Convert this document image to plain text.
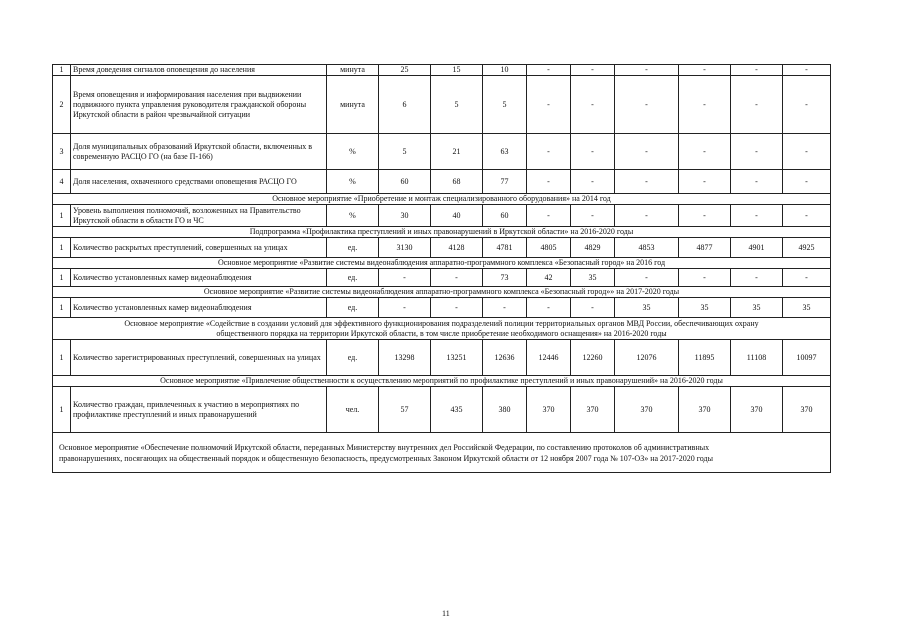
1	Время доведения сигналов оповещения до населения	минута	25	15	10	-	-	-	-	-	-
2	Время оповещения и информирования населения при выдвижении подвижного пункта управления руководителя гражданской обороны Иркутской области в район чрезвычайной ситуации	минута	6	5	5	-	-	-	-	-	-
3	Доля муниципальных образований Иркутской области, включенных в современную РАСЦО ГО (на базе П-166)	%	5	21	63	-	-	-	-	-	-
4	Доля населения, охваченного средствами оповещения РАСЦО ГО	%	60	68	77	-	-	-	-	-	-
Основное мероприятие «Приобретение и монтаж специализированного оборудования» на 2014 год											
1	Уровень выполнения полномочий, возложенных на Правительство Иркутской области в области ГО и ЧС	%	30	40	60	-	-	-	-	-	-
Подпрограмма «Профилактика преступлений и иных правонарушений в Иркутской области» на 2016-2020 годы											
1	Количество раскрытых преступлений, совершенных на улицах	ед.	3130	4128	4781	4805	4829	4853	4877	4901	4925
Основное мероприятие «Развитие системы видеонаблюдения аппаратно-программного комплекса «Безопасный город» на 2016 год											
1	Количество установленных камер видеонаблюдения	ед.	-	-	73	42	35	-	-	-	-
Основное мероприятие «Развитие системы видеонаблюдения аппаратно-программного комплекса «Безопасный город»» на 2017-2020 годы											
1	Количество установленных камер видеонаблюдения	ед.	-	-	-	-	-	35	35	35	35
Основное мероприятие «Содействие в создании условий для эффективного функционирования подразделений полиции территориальных органов МВД России, обеспечивающих охрану
общественного порядка на территории Иркутской области, в том числе приобретение необходимого оснащения» на 2016-2020 годы											
1	Количество зарегистрированных преступлений, совершенных на улицах	ед.	13298	13251	12636	12446	12260	12076	11895	11108	10097
Основное мероприятие «Привлечение общественности к осуществлению мероприятий по профилактике преступлений и иных правонарушений» на 2016-2020 годы											
1	Количество граждан, привлеченных к участию в мероприятиях по профилактике преступлений и иных правонарушений	чел.	57	435	380	370	370	370	370	370	370

Основное мероприятие «Обеспечение полномочий Иркутской области, переданных Министерству внутренних дел Российской Федерации, по составлению протоколов об административных
правонарушениях, посягающих на общественный порядок и общественную безопасность, предусмотренных Законом Иркутской области от 12 ноября 2007 года № 107-ОЗ» на 2017-2020 годы											
11
